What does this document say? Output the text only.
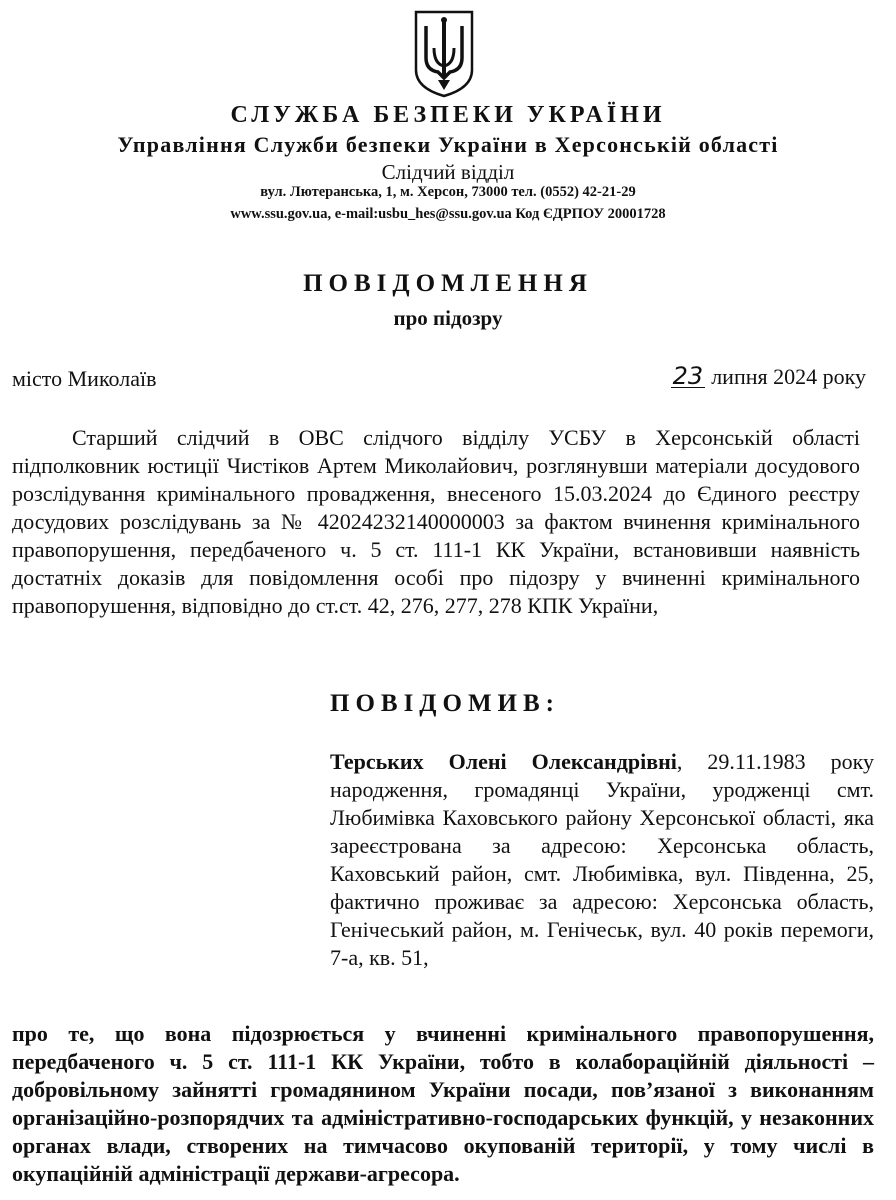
СЛУЖБА БЕЗПЕКИ УКРАЇНИ
Управління Служби безпеки України в Херсонській області
Слідчий відділ
вул. Лютеранська, 1, м. Херсон, 73000 тел. (0552) 42-21-29
www.ssu.gov.ua, e-mail:usbu_hes@ssu.gov.ua Код ЄДРПОУ 20001728
ПОВІДОМЛЕННЯ
про підозру
місто Миколаїв	23 липня 2024 року
Старший слідчий в ОВС слідчого відділу УСБУ в Херсонській області підполковник юстиції Чистіков Артем Миколайович, розглянувши матеріали досудового розслідування кримінального провадження, внесеного 15.03.2024 до Єдиного реєстру досудових розслідувань за № 42024232140000003 за фактом вчинення кримінального правопорушення, передбаченого ч. 5 ст. 111-1 КК України, встановивши наявність достатніх доказів для повідомлення особі про підозру у вчиненні кримінального правопорушення, відповідно до ст.ст. 42, 276, 277, 278 КПК України,
ПОВІДОМИВ:
Терських Олені Олександрівні, 29.11.1983 року народження, громадянці України, уродженці смт. Любимівка Каховського району Херсонської області, яка зареєстрована за адресою: Херсонська область, Каховський район, смт. Любимівка, вул. Південна, 25, фактично проживає за адресою: Херсонська область, Генічеський район, м. Генічеськ, вул. 40 років перемоги, 7-а, кв. 51,
про те, що вона підозрюється у вчиненні кримінального правопорушення, передбаченого ч. 5 ст. 111-1 КК України, тобто в колабораційній діяльності – добровільному зайнятті громадянином України посади, пов’язаної з виконанням організаційно-розпорядчих та адміністративно-господарських функцій, у незаконних органах влади, створених на тимчасово окупованій території, у тому числі в окупаційній адміністрації держави-агресора.
